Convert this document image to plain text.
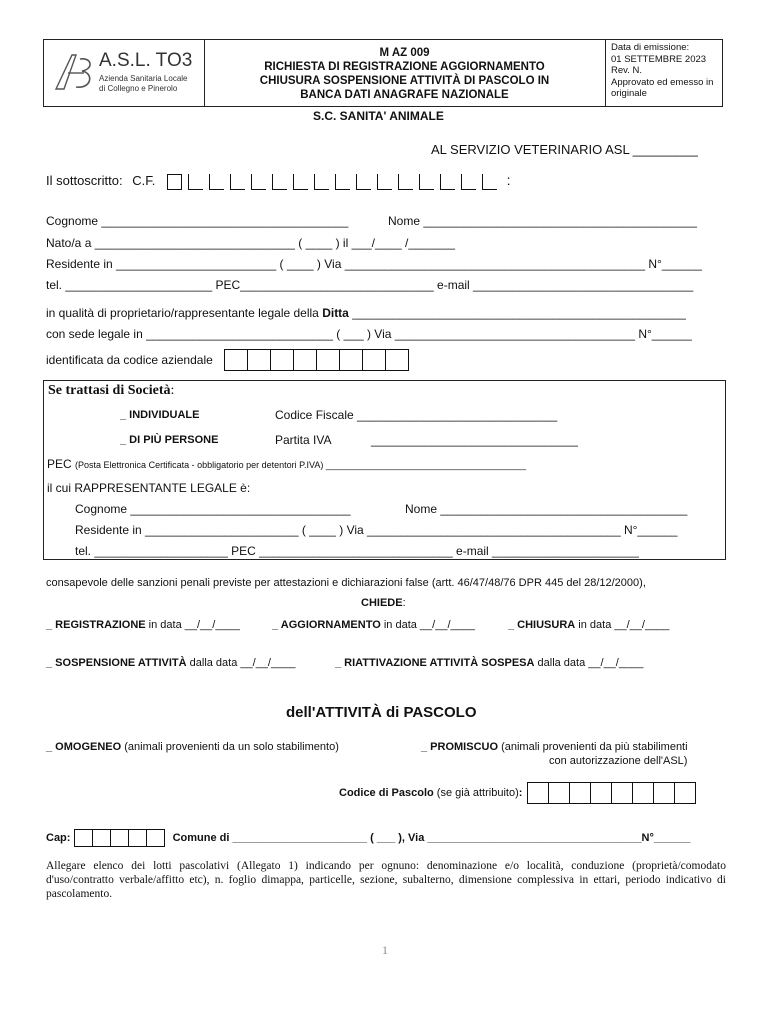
A.S.L. TO3
Azienda Sanitaria Locale
di Collegno e Pinerolo
M AZ 009
RICHIESTA DI REGISTRAZIONE AGGIORNAMENTO
CHIUSURA SOSPENSIONE ATTIVITÀ DI PASCOLO IN
BANCA DATI ANAGRAFE NAZIONALE
Data di emissione:
01 SETTEMBRE 2023
Rev. N.
Approvato ed emesso in originale
S.C. SANITA' ANIMALE
AL SERVIZIO VETERINARIO ASL _________
Il sottoscritto: C.F.	:
Cognome _____________________________________	Nome _________________________________________
Nato/a a ______________________________ ( ____ ) il ___/____ /_______
Residente in ________________________ ( ____ ) Via _____________________________________________ N°______
tel. ______________________ PEC_____________________________ e-mail _________________________________
in qualità di proprietario/rappresentante legale della Ditta __________________________________________________
con sede legale in ____________________________ ( ___ ) Via ____________________________________ N°______
identificata da codice aziendale
Se trattasi di Società:
_ INDIVIDUALE	Codice Fiscale ______________________________
_ DI PIÙ PERSONE	Partita IVA	_______________________________
PEC (Posta Elettronica Certificata - obbligatorio per detentori P.IVA) ________________________________________
il cui RAPPRESENTANTE LEGALE è:
Cognome _________________________________	Nome _____________________________________
Residente in _______________________ ( ____ ) Via ______________________________________ N°______
tel. ____________________ PEC _____________________________ e-mail ______________________
consapevole delle sanzioni penali previste per attestazioni e dichiarazioni false (artt. 46/47/48/76 DPR 445 del 28/12/2000),
CHIEDE:
_ REGISTRAZIONE in data __/__/____	_ AGGIORNAMENTO in data __/__/____	_ CHIUSURA in data __/__/____
_ SOSPENSIONE ATTIVITÀ dalla data __/__/____	_ RIATTIVAZIONE ATTIVITÀ SOSPESA dalla data __/__/____
dell'ATTIVITÀ di PASCOLO
_ OMOGENEO (animali provenienti da un solo stabilimento)	_ PROMISCUO (animali provenienti da più stabilimenti
con autorizzazione dell'ASL)
Codice di Pascolo (se già attribuito):
Cap:	Comune di ______________________ ( ___ ), Via ___________________________________N°______
Allegare elenco dei lotti pascolativi (Allegato 1) indicando per ognuno: denominazione e/o località, conduzione (proprietà/comodato d'uso/contratto verbale/affitto etc), n. foglio dimappa, particelle, sezione, subalterno, dimensione complessiva in ettari, periodo indicativo di pascolamento.
1
